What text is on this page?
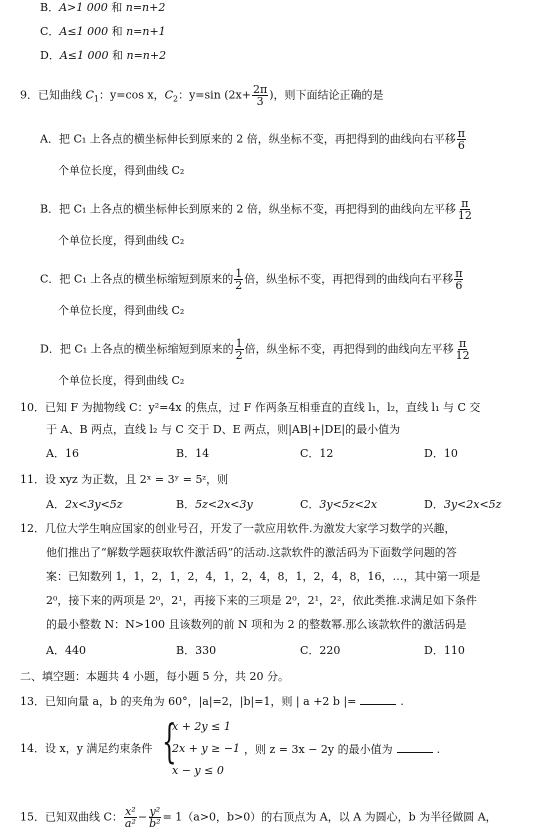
B．A>1 000 和 n=n+2
C．A≤1 000 和 n=n+1
D．A≤1 000 和 n=n+2
9．已知曲线 $C_1$：y=cos x，$C_2$：y=sin ($2x+ \frac{2\pi}{3}$ )，则下面结论正确的是
A．把 C₁ 上各点的横坐标伸长到原来的 2 倍，纵坐标不变，再把得到的曲线向右平移 $\frac{\pi}{6}$
个单位长度，得到曲线 C₂
B．把 C₁ 上各点的横坐标伸长到原来的 2 倍，纵坐标不变，再把得到的曲线向左平移 $\frac{\pi}{12}$
个单位长度，得到曲线 C₂
C．把 C₁ 上各点的横坐标缩短到原来的 $\frac{1}{2}$ 倍，纵坐标不变，再把得到的曲线向右平移 $\frac{\pi}{6}$
个单位长度，得到曲线 C₂
D．把 C₁ 上各点的横坐标缩短到原来的 $\frac{1}{2}$ 倍，纵坐标不变，再把得到的曲线向左平移 $\frac{\pi}{12}$
个单位长度，得到曲线 C₂
10．已知 F 为抛物线 C：y²=4x 的焦点，过 F 作两条互相垂直的直线 l₁，l₂，直线 l₁ 与 C 交
于 A、B 两点，直线 l₂ 与 C 交于 D、E 两点，则|AB|+|DE|的最小值为
A．16	B．14	C．12	D．10
11．设 xyz 为正数，且 2ˣ = 3ʸ = 5ᶻ，则
A．2x<3y<5z	B．5z<2x<3y	C．3y<5z<2x	D．3y<2x<5z
12．几位大学生响应国家的创业号召，开发了一款应用软件.为激发大家学习数学的兴趣，
他们推出了“解数学题获取软件激活码”的活动.这款软件的激活码为下面数学问题的答
案：已知数列 1，1，2，1，2，4，1，2，4，8，1，2，4，8，16，…，其中第一项是
2⁰，接下来的两项是 2⁰，2¹，再接下来的三项是 2⁰，2¹，2²，依此类推.求满足如下条件
的最小整数 N：N>100 且该数列的前 N 项和为 2 的整数幂.那么该款软件的激活码是
A．440	B．330	C．220	D．110
二、填空题：本题共 4 小题，每小题 5 分，共 20 分。
13．已知向量 a，b 的夹角为 60°，|a|=2，|b|=1，则 | a +2 b |=	.
14．设 x，y 满足约束条件 {
x + 2y ≤ 1
2x + y ≥ −1
x − y ≤ 0
，则 z = 3x − 2y 的最小值为	.
15．已知双曲线 C： $\frac{\text{x²}}{\text{a²}} - \frac{\text{y²}}{\text{b²}} = 1(a>0$，b>0）的右顶点为 A，以 A 为圆心，b 为半径做圆 A，
